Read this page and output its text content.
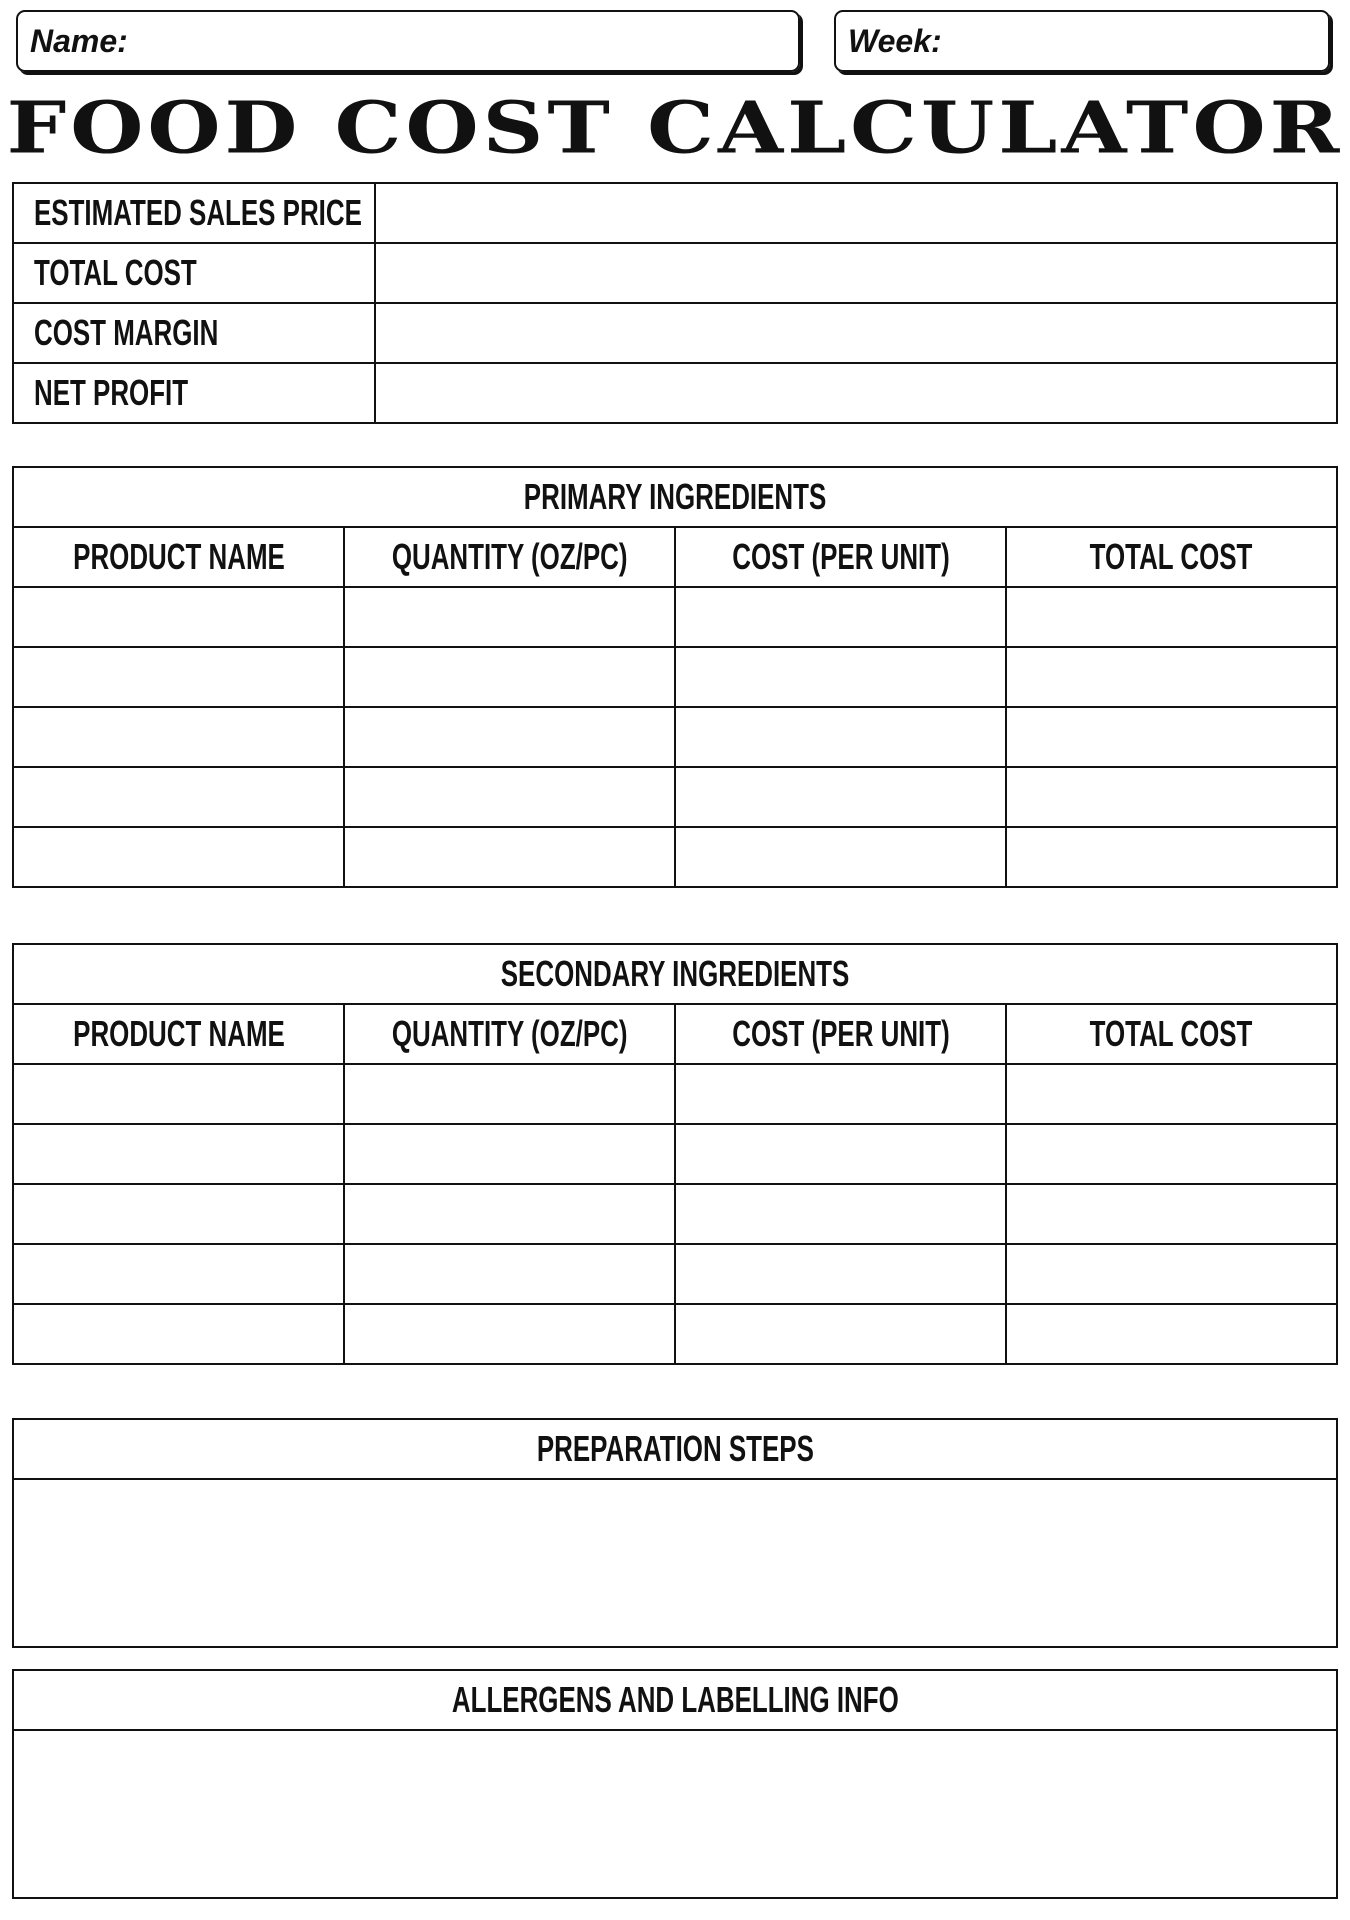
Name:	Week:
FOOD COST CALCULATOR
ESTIMATED SALES PRICE	
TOTAL COST	
COST MARGIN	
NET PROFIT	
PRIMARY INGREDIENTS			
PRODUCT NAME	QUANTITY (OZ/PC)	COST (PER UNIT)	TOTAL COST

SECONDARY INGREDIENTS			
PRODUCT NAME	QUANTITY (OZ/PC)	COST (PER UNIT)	TOTAL COST

PREPARATION STEPS

ALLERGENS AND LABELLING INFO
